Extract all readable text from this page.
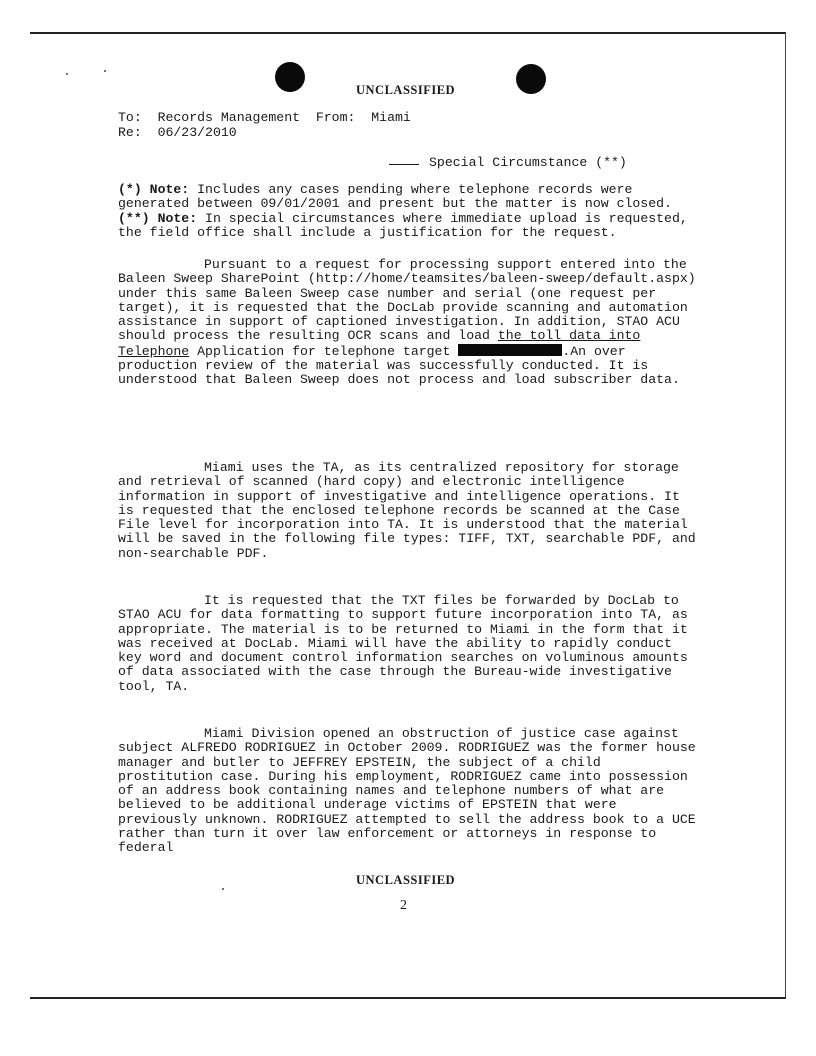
UNCLASSIFIED
To:  Records Management  From:  Miami
Re:  06/23/2010
Special Circumstance (**)

(*) Note: Includes any cases pending where telephone records were generated between 09/01/2001 and present but the matter is now closed.

(**) Note: In special circumstances where immediate upload is requested, the field office shall include a justification for the request.

Pursuant to a request for processing support entered into the Baleen Sweep SharePoint (http://home/teamsites/baleen-sweep/default.aspx) under this same Baleen Sweep case number and serial (one request per target), it is requested that the DocLab provide scanning and automation assistance in support of captioned investigation. In addition, STAO ACU should process the resulting OCR scans and load the toll data into Telephone Application for telephone target	.An over production review of the material was successfully conducted. It is understood that Baleen Sweep does not process and load subscriber data.

Miami uses the TA, as its centralized repository for storage and retrieval of scanned (hard copy) and electronic intelligence information in support of investigative and intelligence operations. It is requested that the enclosed telephone records be scanned at the Case File level for incorporation into TA. It is understood that the material will be saved in the following file types: TIFF, TXT, searchable PDF, and non-searchable PDF.

It is requested that the TXT files be forwarded by DocLab to STAO ACU for data formatting to support future incorporation into TA, as appropriate. The material is to be returned to Miami in the form that it was received at DocLab. Miami will have the ability to rapidly conduct key word and document control information searches on voluminous amounts of data associated with the case through the Bureau-wide investigative tool, TA.

Miami Division opened an obstruction of justice case against subject ALFREDO RODRIGUEZ in October 2009. RODRIGUEZ was the former house manager and butler to JEFFREY EPSTEIN, the subject of a child prostitution case. During his employment, RODRIGUEZ came into possession of an address book containing names and telephone numbers of what are believed to be additional underage victims of EPSTEIN that were previously unknown. RODRIGUEZ attempted to sell the address book to a UCE rather than turn it over law enforcement or attorneys in response to federal

UNCLASSIFIED
2
